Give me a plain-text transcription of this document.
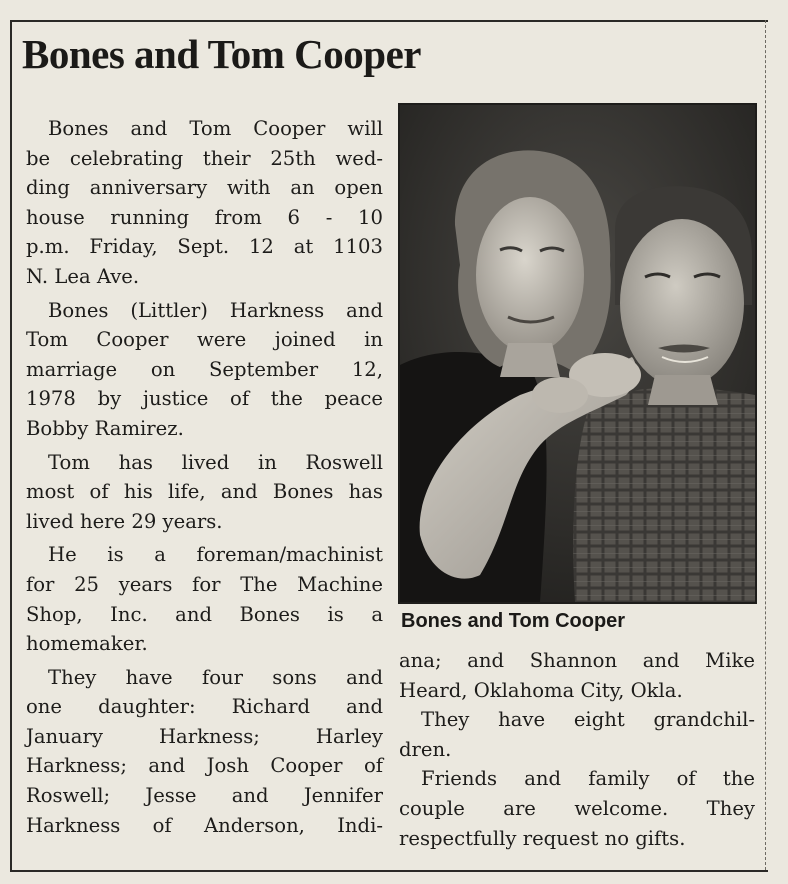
Bones and Tom Cooper
Bones and Tom Cooper will
be celebrating their 25th wed-
ding anniversary with an open
house running from 6 - 10
p.m. Friday, Sept. 12 at 1103
N. Lea Ave.
Bones (Littler) Harkness and
Tom Cooper were joined in
marriage on September 12,
1978 by justice of the peace
Bobby Ramirez.
Tom has lived in Roswell
most of his life, and Bones has
lived here 29 years.
He is a foreman/machinist
for 25 years for The Machine
Shop, Inc. and Bones is a
homemaker.
They have four sons and
one daughter: Richard and
January Harkness; Harley
Harkness; and Josh Cooper of
Roswell; Jesse and Jennifer
Harkness of Anderson, Indi-
Bones and Tom Cooper
ana; and Shannon and Mike
Heard, Oklahoma City, Okla.
They have eight grandchil-
dren.
Friends and family of the
couple are welcome. They
respectfully request no gifts.
